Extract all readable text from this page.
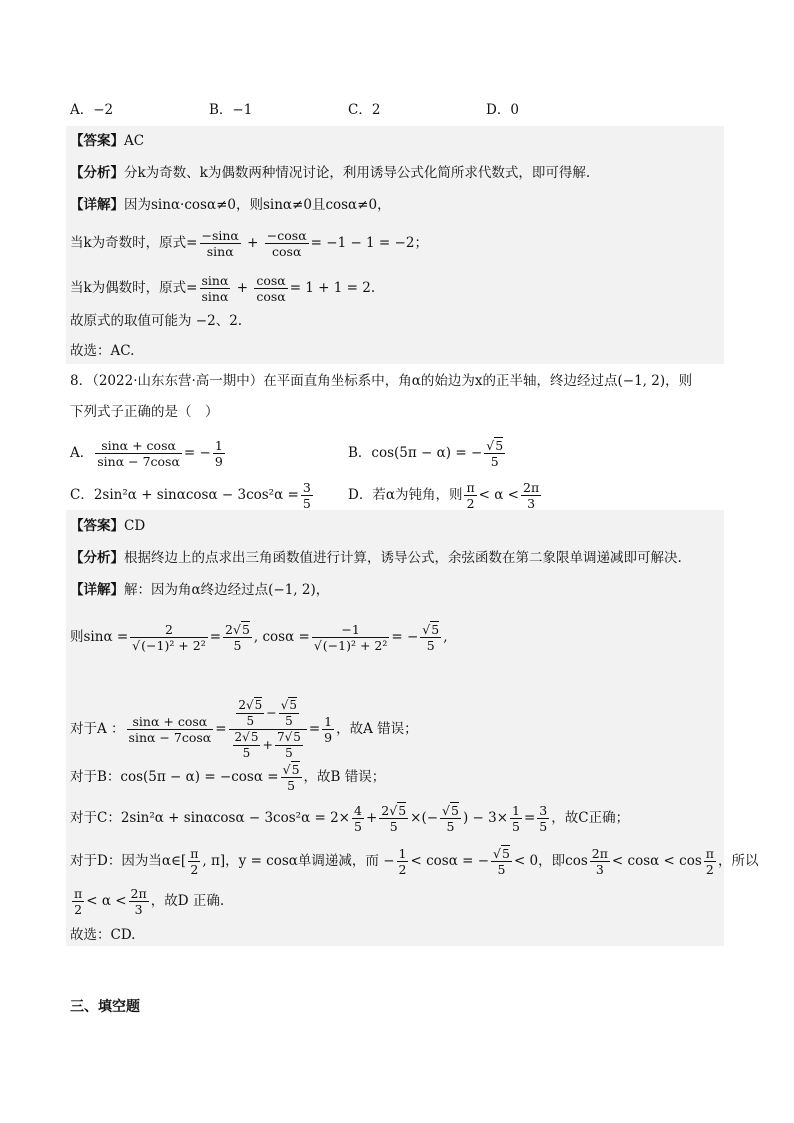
A．−2	B．−1	C．2	D．0
【答案】AC
【分析】分k为奇数、k为偶数两种情况讨论，利用诱导公式化简所求代数式，即可得解.
【详解】因为sinα·cosα≠0，则sinα≠0且cosα≠0，
当k为奇数时，原式= $\frac{-\sin\alpha}{\sin\alpha} + \frac{-\cos\alpha}{\cos\alpha} = -1 - 1 = -2$；
当k为偶数时，原式= $\frac{\sin\alpha}{\sin\alpha} + \frac{\cos\alpha}{\cos\alpha} = 1 + 1 = 2$.
故原式的取值可能为 −2、2.
故选：AC.
8．（2022·山东东营·高一期中）在平面直角坐标系中，角α的始边为x的正半轴，终边经过点(−1, 2)，则
下列式子正确的是（　）
A． $\frac{\sin\alpha + \cos\alpha}{\sin\alpha - 7\cos\alpha}$ = − $\frac{1}{9}$	B．cos(5π − α) = − $\frac{√5}{5}$
C．$2\sin^2\alpha + \sin\alpha\cos\alpha - 3\cos^2\alpha = \frac{3}{5}$	D．若α为钝角，则 $\frac{\pi}{2} < \alpha < \frac{2\pi}{3}$
【答案】CD
【分析】根据终边上的点求出三角函数值进行计算，诱导公式，余弦函数在第二象限单调递减即可解决.
【详解】解：因为角α终边经过点(−1, 2)，
则$\sin\alpha = \frac{2}{\text{√(−1)² + 2²}} = \frac{2√5}{5}$ , $\cos\alpha = \frac{-1}{\text{√(−1)² + 2²}}$ = − $\frac{√5}{5}$ ,
对于A ： $\frac{\sin\alpha + \cos\alpha}{\sin\alpha - 7\cos\alpha} = \frac{\frac{2√5}{5} - \frac{√5}{5}}{\frac{2√5}{5} + \frac{7√5}{5}} = \frac{1}{9}$ ，故A 错误；
对于B：$\cos(5\pi - \alpha) = -\cos\alpha = \frac{√5}{5}$ ，故B 错误；
对于C：$2\sin^2\alpha + \sin\alpha\cos\alpha - 3\cos^2\alpha = 2\times \frac{4}{5} + \frac{2√5}{5}$ ×(− $\frac{√5}{5}$ ) − $3\times \frac{1}{5} = \frac{3}{5}$ ，故C正确；
对于D：因为当α∈[ $\frac{\pi}{2}$ , π]，y = cosα单调递减，而 − $\frac{1}{2} < \cos\alpha$ = − $\frac{√5}{5} < 0$，即$\cos \frac{2\pi}{3} < \cos\alpha < \cos \frac{\pi}{2}$ ，所以
$\frac{\pi}{2} < \alpha < \frac{2\pi}{3}$ ，故D 正确.
故选：CD.
三、填空题
